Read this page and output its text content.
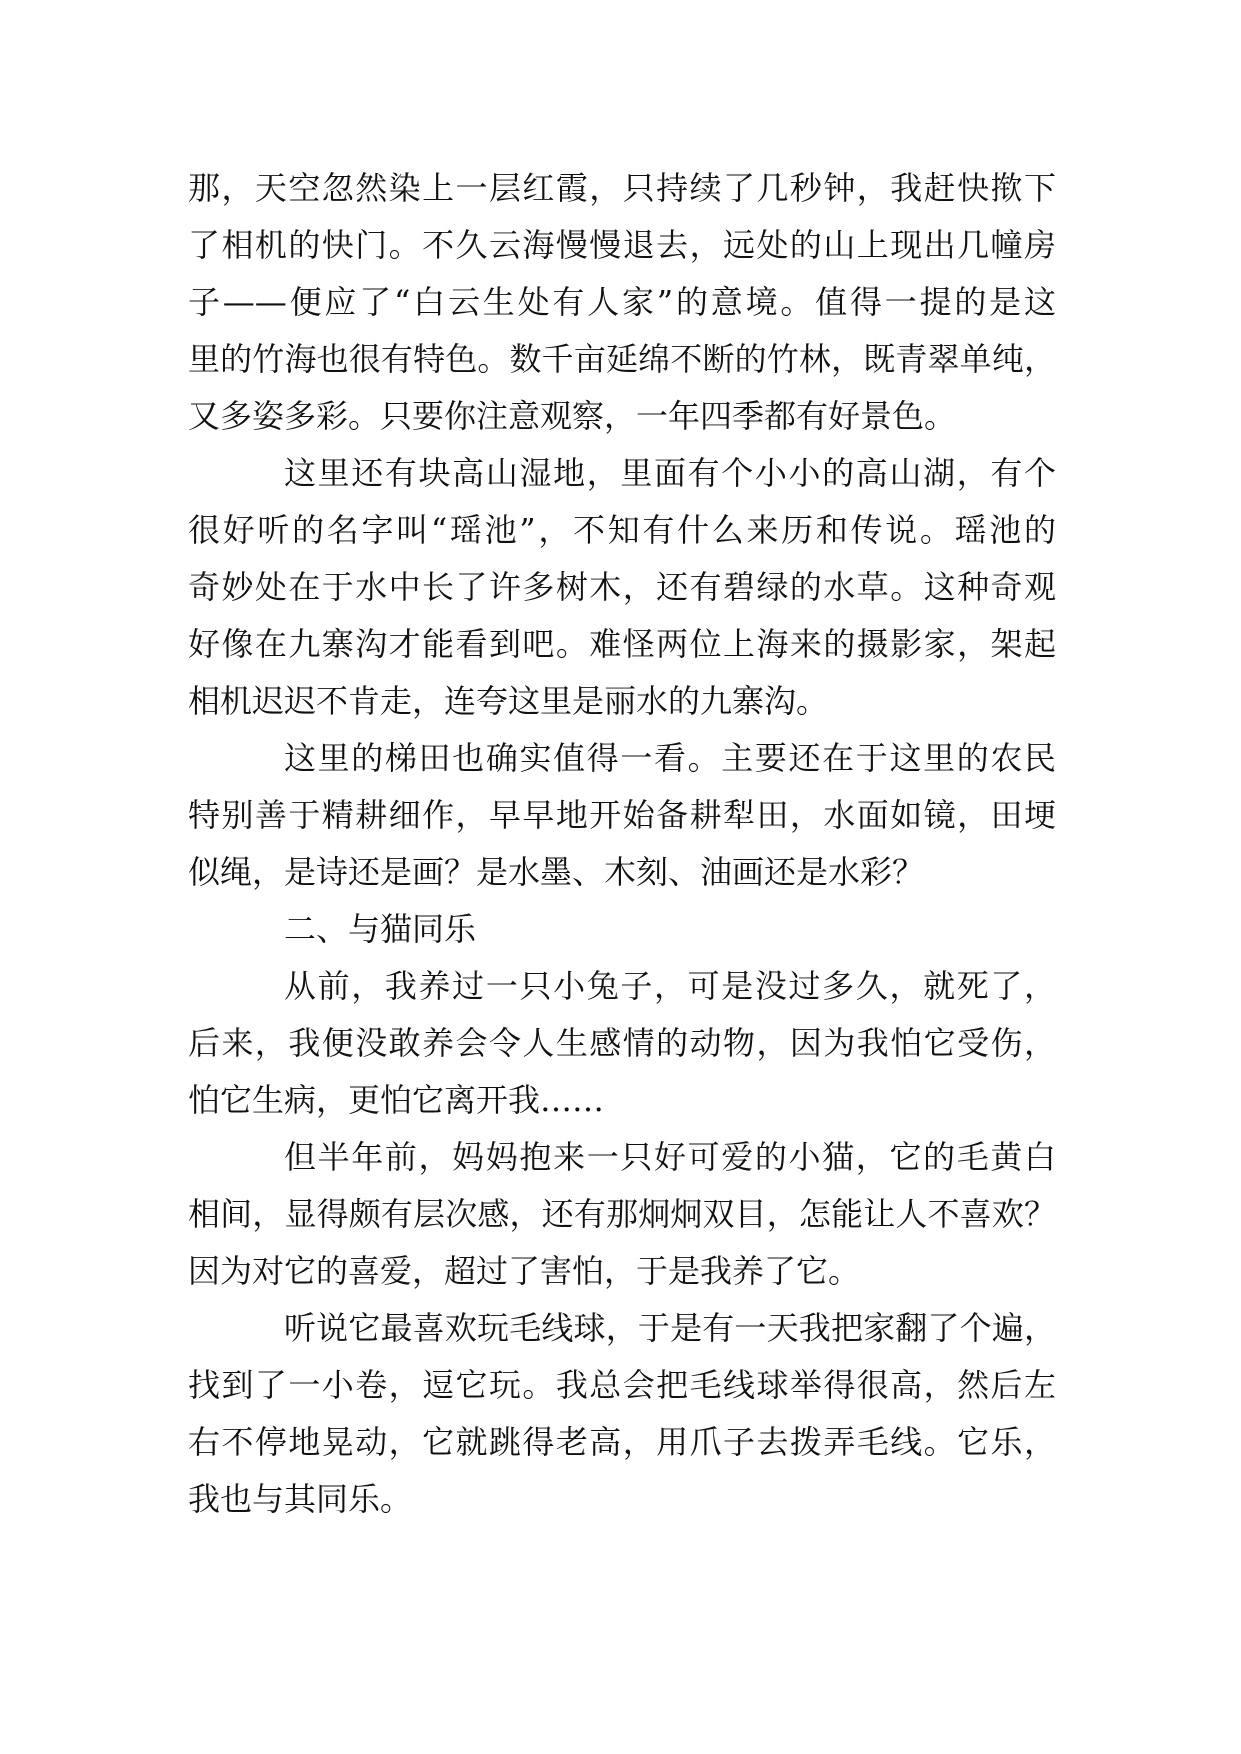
那，天空忽然染上一层红霞，只持续了几秒钟，我赶快揿下
了相机的快门。不久云海慢慢退去，远处的山上现出几幢房
子——便应了“白云生处有人家”的意境。值得一提的是这
里的竹海也很有特色。数千亩延绵不断的竹林，既青翠单纯，
又多姿多彩。只要你注意观察，一年四季都有好景色。
这里还有块高山湿地，里面有个小小的高山湖，有个
很好听的名字叫“瑶池”，不知有什么来历和传说。瑶池的
奇妙处在于水中长了许多树木，还有碧绿的水草。这种奇观
好像在九寨沟才能看到吧。难怪两位上海来的摄影家，架起
相机迟迟不肯走，连夸这里是丽水的九寨沟。
这里的梯田也确实值得一看。主要还在于这里的农民
特别善于精耕细作，早早地开始备耕犁田，水面如镜，田埂
似绳，是诗还是画？是水墨、木刻、油画还是水彩？
二、与猫同乐
从前，我养过一只小兔子，可是没过多久，就死了，
后来，我便没敢养会令人生感情的动物，因为我怕它受伤，
怕它生病，更怕它离开我……
但半年前，妈妈抱来一只好可爱的小猫，它的毛黄白
相间，显得颇有层次感，还有那炯炯双目，怎能让人不喜欢？
因为对它的喜爱，超过了害怕，于是我养了它。
听说它最喜欢玩毛线球，于是有一天我把家翻了个遍，
找到了一小卷，逗它玩。我总会把毛线球举得很高，然后左
右不停地晃动，它就跳得老高，用爪子去拨弄毛线。它乐，
我也与其同乐。
